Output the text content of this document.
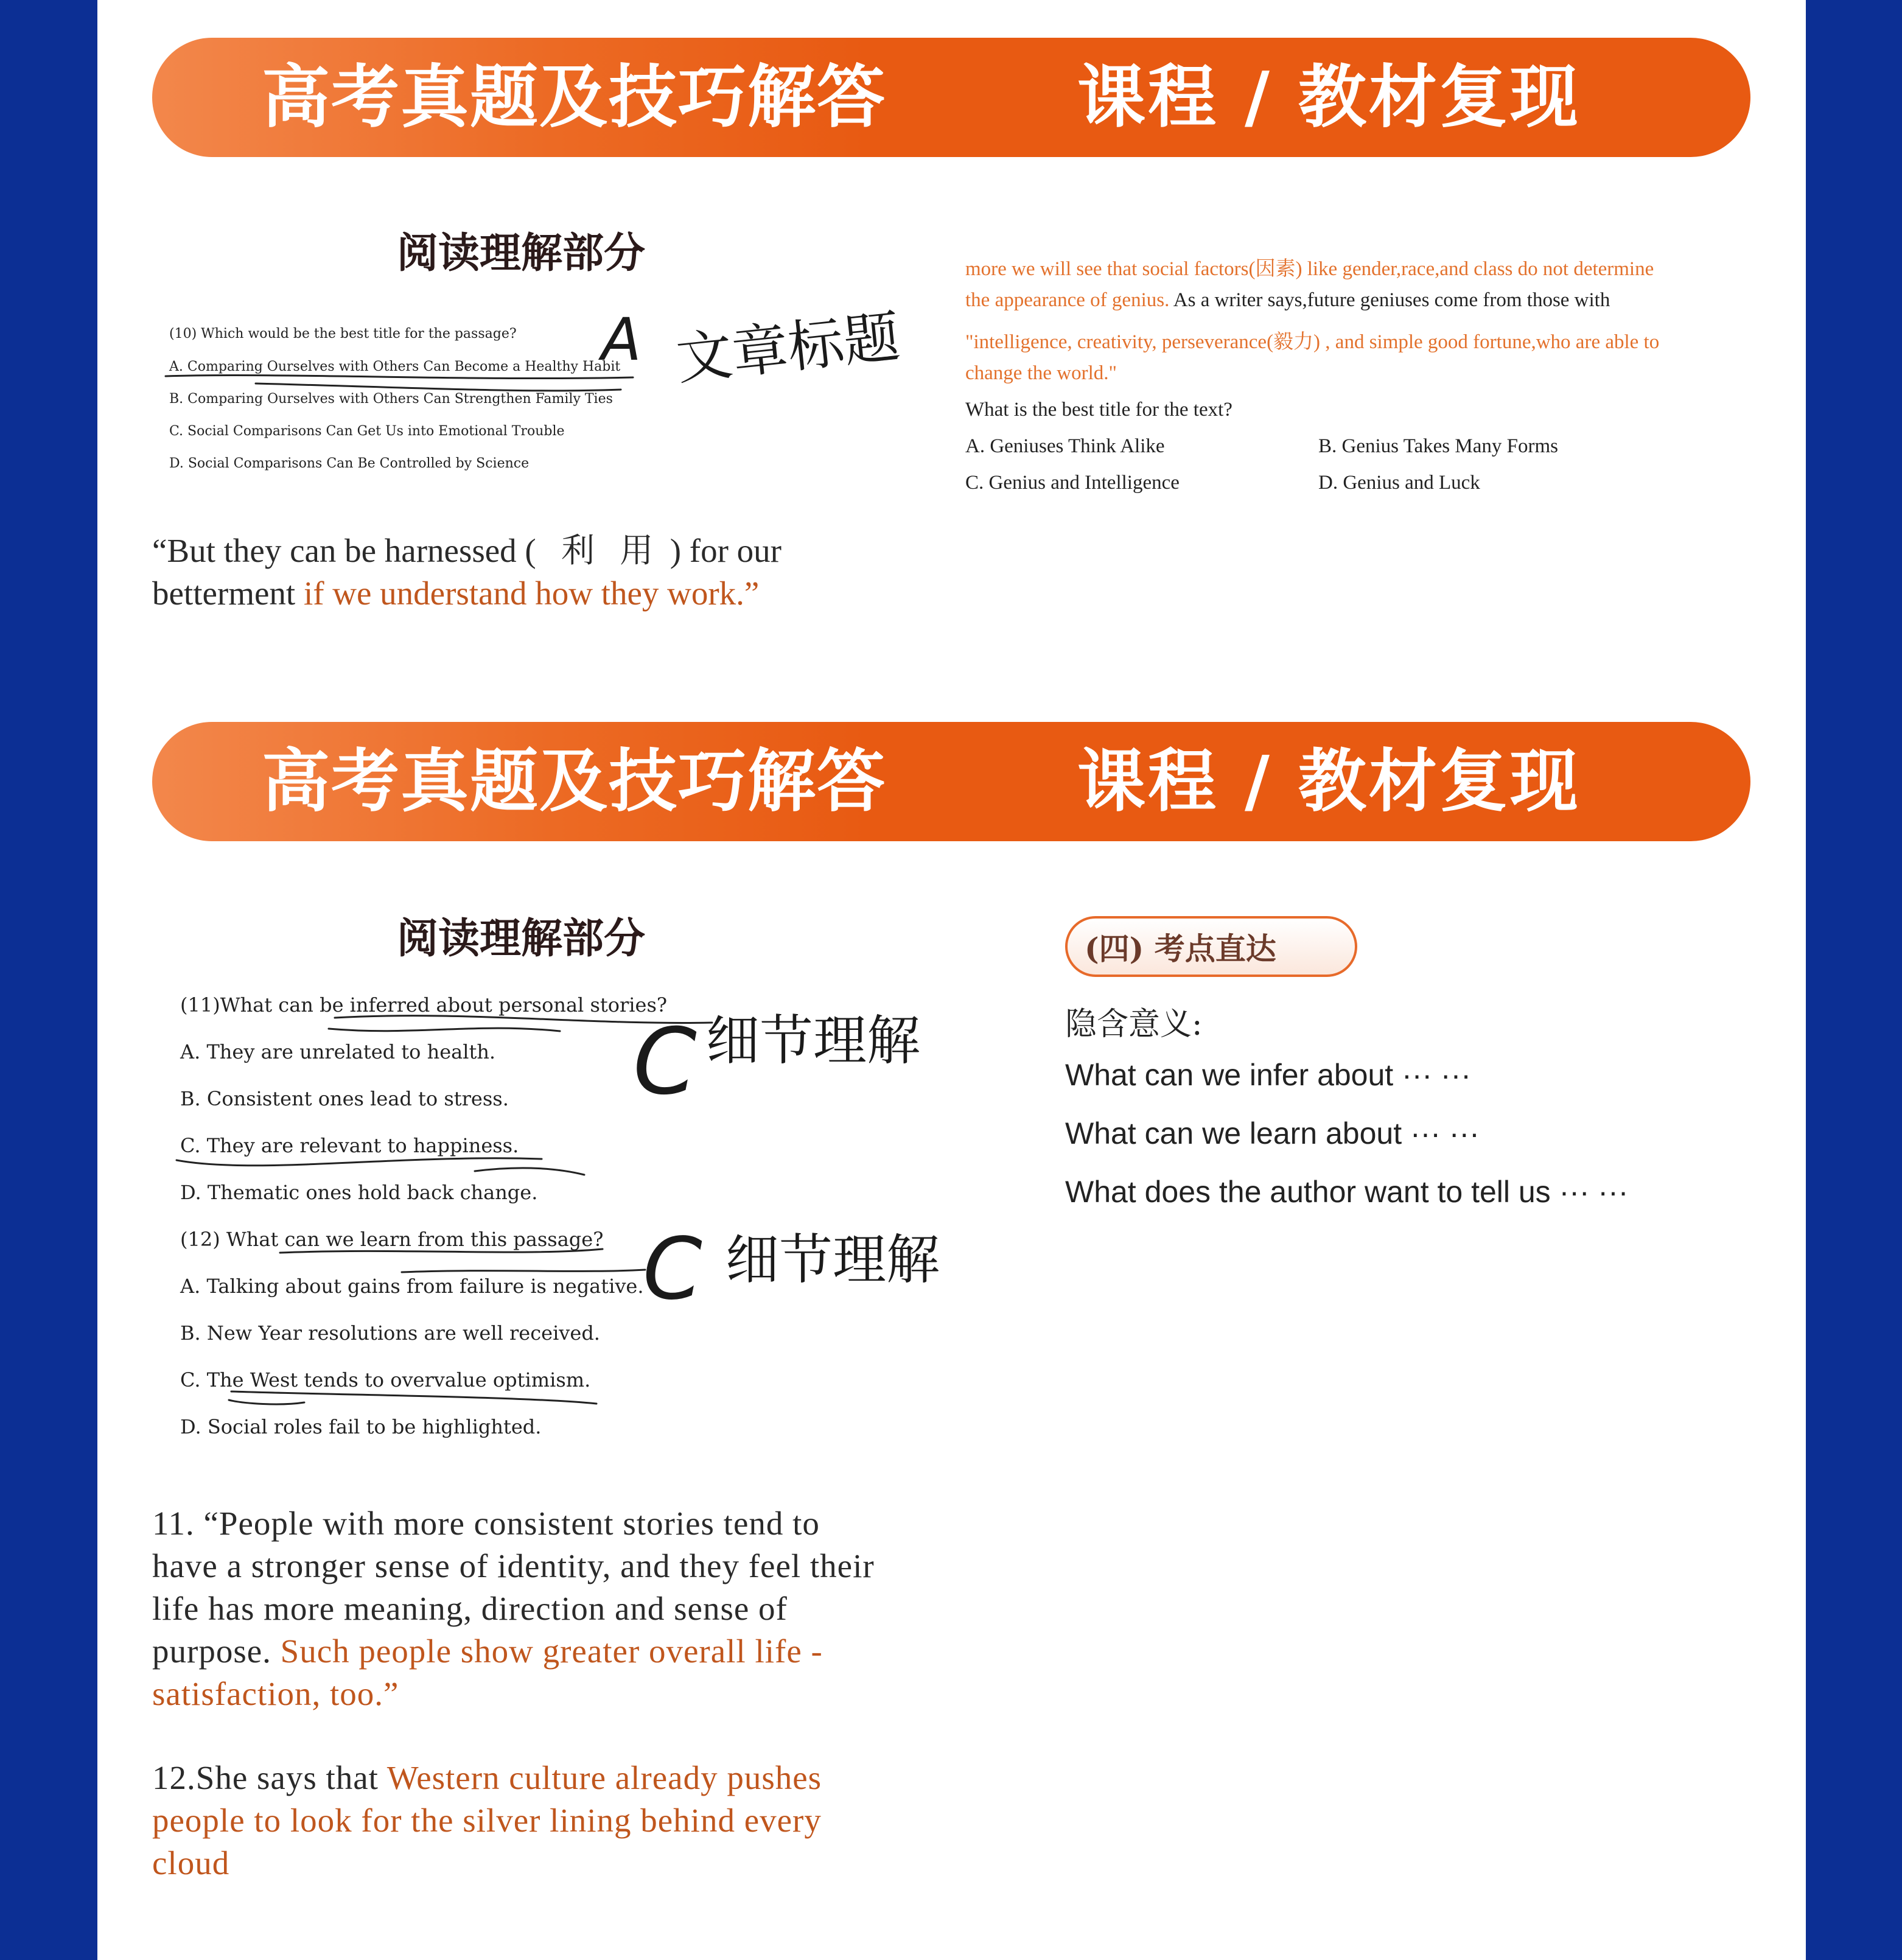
高考真题及技巧解答	课程 / 教材复现
阅读理解部分
(10) Which would be the best title for the passage?
A. Comparing Ourselves with Others Can Become a Healthy Habit
B. Comparing Ourselves with Others Can Strengthen Family Ties
C. Social Comparisons Can Get Us into Emotional Trouble
D. Social Comparisons Can Be Controlled by Science
A 文章标题
“But they can be harnessed (   利   用  ) for our betterment if we understand how they work.”
more we will see that social factors(因素) like gender,race,and class do not determine
the appearance of genius. As a writer says,future geniuses come from those with
"intelligence, creativity, perseverance(毅力) , and simple good fortune,who are able to
change the world."
What is the best title for the text?
A. Geniuses Think Alike	B. Genius Takes Many Forms
C. Genius and Intelligence	D. Genius and Luck
高考真题及技巧解答	课程 / 教材复现
阅读理解部分
(11)What can be inferred about personal stories?
A. They are unrelated to health.
B. Consistent ones lead to stress.
C. They are relevant to happiness.
D. Thematic ones hold back change.
(12) What can we learn from this passage?
A. Talking about gains from failure is negative.
B. New Year resolutions are well received.
C. The West tends to overvalue optimism.
D. Social roles fail to be highlighted.
C 细节理解
C 细节理解
11. “People with more consistent stories tend to have a stronger sense of identity, and they feel their life has more meaning, direction and sense of purpose. Such people show greater overall life - satisfaction, too.”
12.She says that Western culture already pushes people to look for the silver lining behind every cloud
(四) 考点直达
隐含意义:
What can we infer about ··· ···
What can we learn about ··· ···
What does the author want to tell us ··· ···
